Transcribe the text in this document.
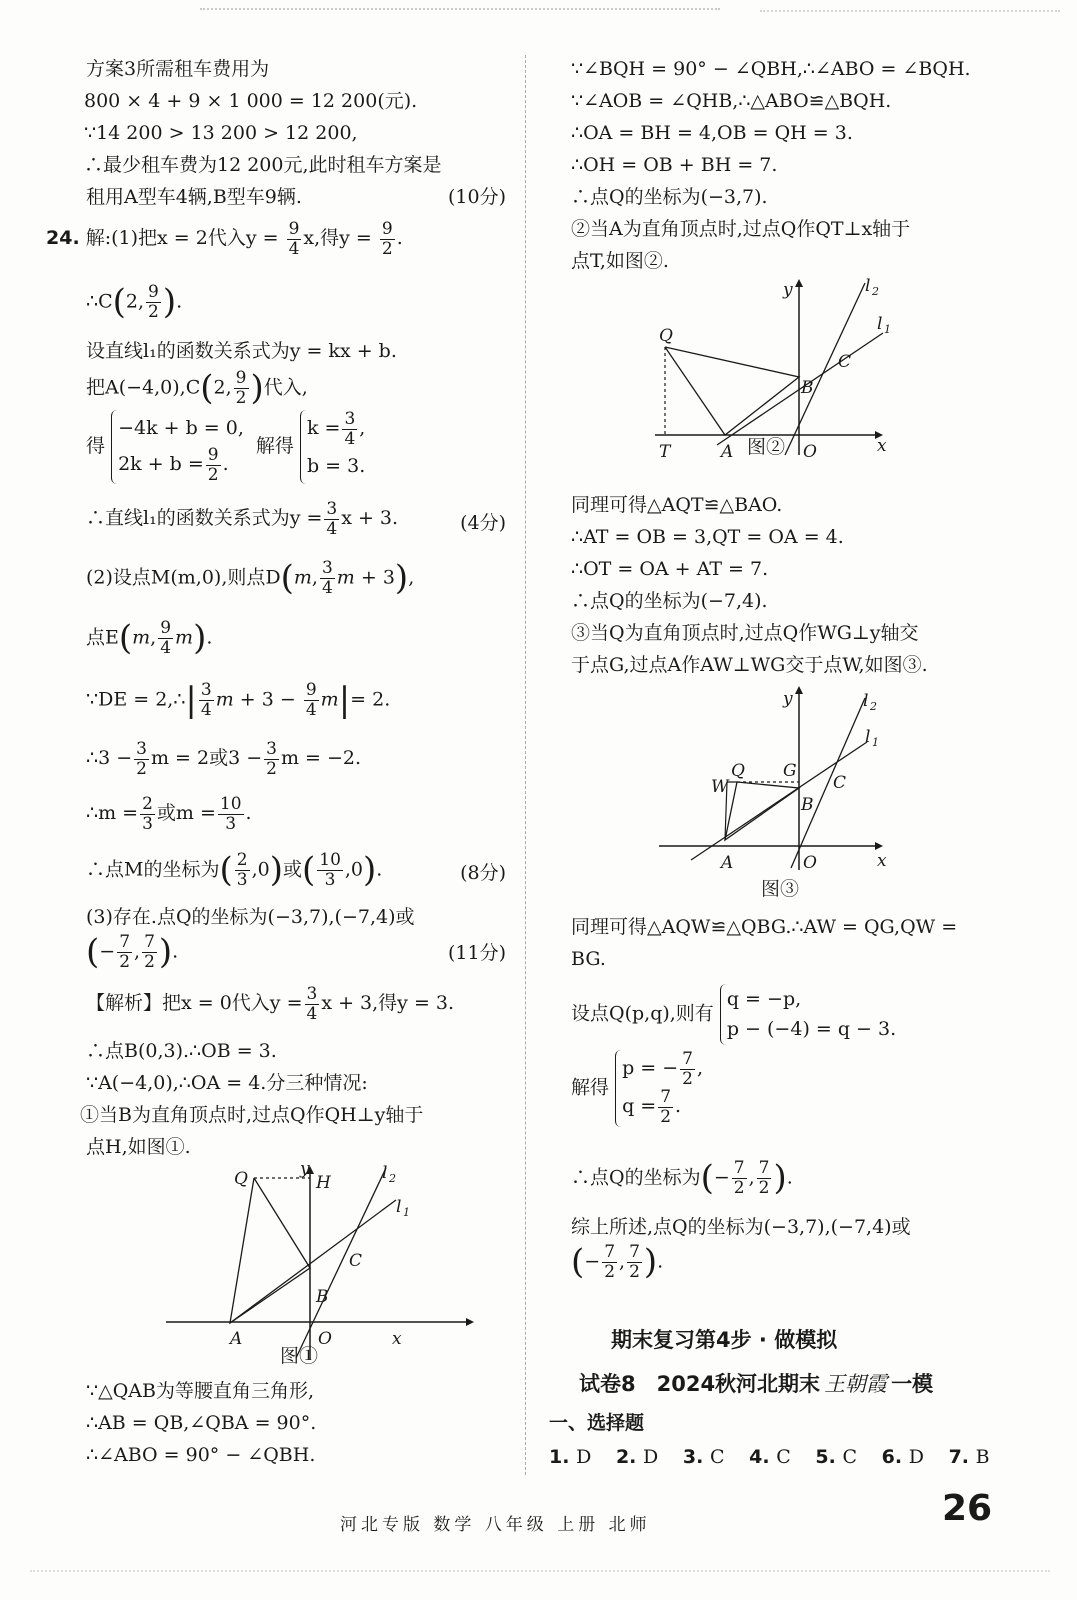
方案3所需租车费用为
800 × 4 + 9 × 1 000 = 12 200(元).
∵14 200 > 13 200 > 12 200,
∴最少租车费为12 200元,此时租车方案是
租用A型车4辆,B型车9辆.	(10分)
24. 解:(1)把x = 2代入$y = \frac{9}{4} x$,得$y = \frac{9}{2}$ .
∴C(2, $\frac{9}{2}$ ).
设直线l₁的函数关系式为y = kx + b.
把A(−4,0),C(2, $\frac{9}{2}$ )代入,
得
−4k + b = 0,
$2k + b = \frac{9}{2}$ .
解得
$k = \frac{3}{4}$ ,
b = 3.
∴直线l₁的函数关系式为$y = \frac{3}{4}$ x + 3.	(4分)
(2)设点M(m,0),则点D(m, $\frac{3}{4}$ m + 3),
点E(m, $\frac{9}{4} m$).
∵DE = 2,∴| $\frac{3}{4}$ $m + 3 - \frac{9}{4} m|= 2$.
∴3 − $\frac{3}{2}$ m = 2或$3 - \frac{3}{2}$ m = −2.
∴m = $\frac{2}{3}$ 或$m = \frac{10}{3}$ .
∴点M的坐标为( $\frac{2}{3} ,0$)或( $\frac{10}{3} ,0$).	(8分)
(3)存在.点Q的坐标为(−3,7),(−7,4)或
(− $\frac{7}{2}$ , $\frac{7}{2}$ ).	(11分)
【解析】把x = 0代入$y = \frac{3}{4}$ x + 3,得y = 3.
∴点B(0,3).∴OB = 3.
∵A(−4,0),∴OA = 4.分三种情况:
①当B为直角顶点时,过点Q作QH⊥y轴于
点H,如图①.
Q	H
y	l 2
l 1
C
B
A	O	x
图①
∵△QAB为等腰直角三角形,
∴AB = QB,∠QBA = 90°.
∴∠ABO = 90° − ∠QBH.
∵∠BQH = 90° − ∠QBH,∴∠ABO = ∠BQH.
∵∠AOB = ∠QHB,∴△ABO≌△BQH.
∴OA = BH = 4,OB = QH = 3.
∴OH = OB + BH = 7.
∴点Q的坐标为(−3,7).
②当A为直角顶点时,过点Q作QT⊥x轴于
点T,如图②.
Q
y	l 2
l 1
C
B
T	A	O	x
图②
同理可得△AQT≌△BAO.
∴AT = OB = 3,QT = OA = 4.
∴OT = OA + AT = 7.
∴点Q的坐标为(−7,4).
③当Q为直角顶点时,过点Q作WG⊥y轴交
于点G,过点A作AW⊥WG交于点W,如图③.
W
Q G
y	l 2
l 1
C
B
A	O	x
图③
同理可得△AQW≌△QBG.∴AW = QG,QW =
BG.
设点Q(p,q),则有
q = −p,
p − (−4) = q − 3.
解得
p = − $\frac{7}{2}$ ,
$q = \frac{7}{2}$ .
∴点Q的坐标为(− $\frac{7}{2}$ , $\frac{7}{2}$ ).
综上所述,点Q的坐标为(−3,7),(−7,4)或
(− $\frac{7}{2}$ , $\frac{7}{2}$ ).
期末复习第4步 · 做模拟
试卷8　2024秋河北期末 王朝霞 一模
一、选择题
1. D 2. D 3. C 4. C 5. C 6. D 7. B
河北专版 数学 八年级 上册 北师	26
